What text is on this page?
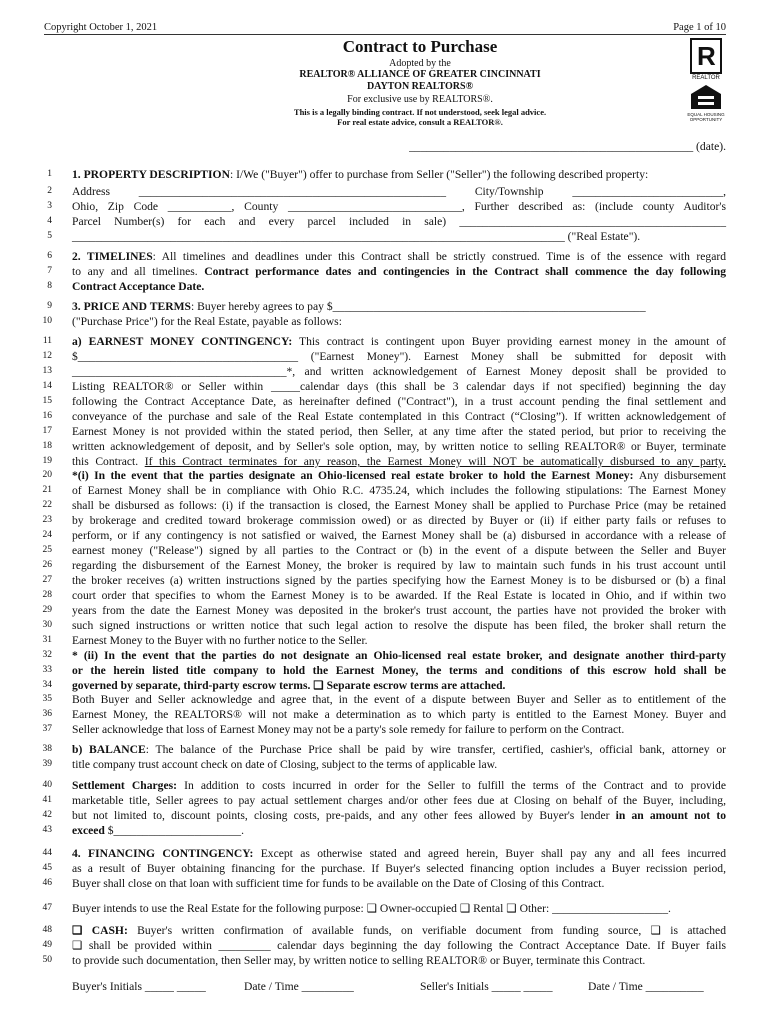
Copyright October 1, 2021	Page 1 of 10
Contract to Purchase
Adopted by the
REALTOR® ALLIANCE OF GREATER CINCINNATI
DAYTON REALTORS®
For exclusive use by REALTORS®.
This is a legally binding contract. If not understood, seek legal advice.
For real estate advice, consult a REALTOR®.
R
REALTOR
EQUAL HOUSING OPPORTUNITY
_________________________________________________ (date).
1 1. PROPERTY DESCRIPTION: I/We ("Buyer") offer to purchase from Seller ("Seller") the following described property:
2 Address _____________________________________________________ City/Township __________________________,
3 Ohio, Zip Code ___________, County ______________________________, Further described as: (include county Auditor's
4 Parcel Number(s) for each and every parcel included in sale) ______________________________________________
5 _____________________________________________________________________________________ ("Real Estate").
6 2. TIMELINES: All timelines and deadlines under this Contract shall be strictly construed. Time is of the essence with regard
7 to any and all timelines. Contract performance dates and contingencies in the Contract shall commence the day following
8 Contract Acceptance Date.
9 3. PRICE AND TERMS: Buyer hereby agrees to pay $______________________________________________________
10 ("Purchase Price") for the Real Estate, payable as follows:
11 a) EARNEST MONEY CONTINGENCY: This contract is contingent upon Buyer providing earnest money in the amount of
12 $______________________________________ ("Earnest Money"). Earnest Money shall be submitted for deposit with
13 _____________________________________*, and written acknowledgement of Earnest Money deposit shall be provided to
14 Listing REALTOR® or Seller within _____calendar days (this shall be 3 calendar days if not specified) beginning the day
15 following the Contract Acceptance Date, as hereinafter defined ("Contract"), in a trust account pending the final settlement and
16 conveyance of the purchase and sale of the Real Estate contemplated in this Contract (“Closing”). If written acknowledgement of
17 Earnest Money is not provided within the stated period, then Seller, at any time after the stated period, but prior to receiving the
18 written acknowledgement of deposit, and by Seller's sole option, may, by written notice to selling REALTOR® or Buyer, terminate
19 this Contract. If this Contract terminates for any reason, the Earnest Money will NOT be automatically disbursed to any party.
20 *(i) In the event that the parties designate an Ohio-licensed real estate broker to hold the Earnest Money: Any disbursement
21 of Earnest Money shall be in compliance with Ohio R.C. 4735.24, which includes the following stipulations: The Earnest Money
22 shall be disbursed as follows: (i) if the transaction is closed, the Earnest Money shall be applied to Purchase Price (may be retained
23 by brokerage and credited toward brokerage commission owed) or as directed by Buyer or (ii) if either party fails or refuses to
24 perform, or if any contingency is not satisfied or waived, the Earnest Money shall be (a) disbursed in accordance with a release of
25 earnest money ("Release") signed by all parties to the Contract or (b) in the event of a dispute between the Seller and Buyer
26 regarding the disbursement of the Earnest Money, the broker is required by law to maintain such funds in his trust account until
27 the broker receives (a) written instructions signed by the parties specifying how the Earnest Money is to be disbursed or (b) a final
28 court order that specifies to whom the Earnest Money is to be awarded. If the Real Estate is located in Ohio, and if within two
29 years from the date the Earnest Money was deposited in the broker's trust account, the parties have not provided the broker with
30 such signed instructions or written notice that such legal action to resolve the dispute has been filed, the broker shall return the
31 Earnest Money to the Buyer with no further notice to the Seller.
32 * (ii) In the event that the parties do not designate an Ohio-licensed real estate broker, and designate another third-party
33 or the herein listed title company to hold the Earnest Money, the terms and conditions of this escrow hold shall be
34 governed by separate, third-party escrow terms. ❑ Separate escrow terms are attached.
35 Both Buyer and Seller acknowledge and agree that, in the event of a dispute between Buyer and Seller as to entitlement of the
36 Earnest Money, the REALTORS® will not make a determination as to which party is entitled to the Earnest Money. Buyer and
37 Seller acknowledge that loss of Earnest Money may not be a party's sole remedy for failure to perform on the Contract.
38 b) BALANCE: The balance of the Purchase Price shall be paid by wire transfer, certified, cashier's, official bank, attorney or
39 title company trust account check on date of Closing, subject to the terms of applicable law.
40 Settlement Charges: In addition to costs incurred in order for the Seller to fulfill the terms of the Contract and to provide
41 marketable title, Seller agrees to pay actual settlement charges and/or other fees due at Closing on behalf of the Buyer, including,
42 but not limited to, discount points, closing costs, pre-paids, and any other fees allowed by Buyer's lender in an amount not to
43 exceed $______________________.
44 4. FINANCING CONTINGENCY: Except as otherwise stated and agreed herein, Buyer shall pay any and all fees incurred
45 as a result of Buyer obtaining financing for the purchase. If Buyer's selected financing option includes a Buyer recission period,
46 Buyer shall close on that loan with sufficient time for funds to be available on the Date of Closing of this Contract.
47 Buyer intends to use the Real Estate for the following purpose: ❑ Owner-occupied ❑ Rental ❑ Other: ____________________.
48 ❑ CASH: Buyer's written confirmation of available funds, on verifiable document from funding source, ❑ is attached
49 ❑ shall be provided within _________ calendar days beginning the day following the Contract Acceptance Date. If Buyer fails
50 to provide such documentation, then Seller may, by written notice to selling REALTOR® or Buyer, terminate this Contract.
Buyer's Initials _____ _____	Date / Time _________	Seller's Initials _____ _____	Date / Time __________
